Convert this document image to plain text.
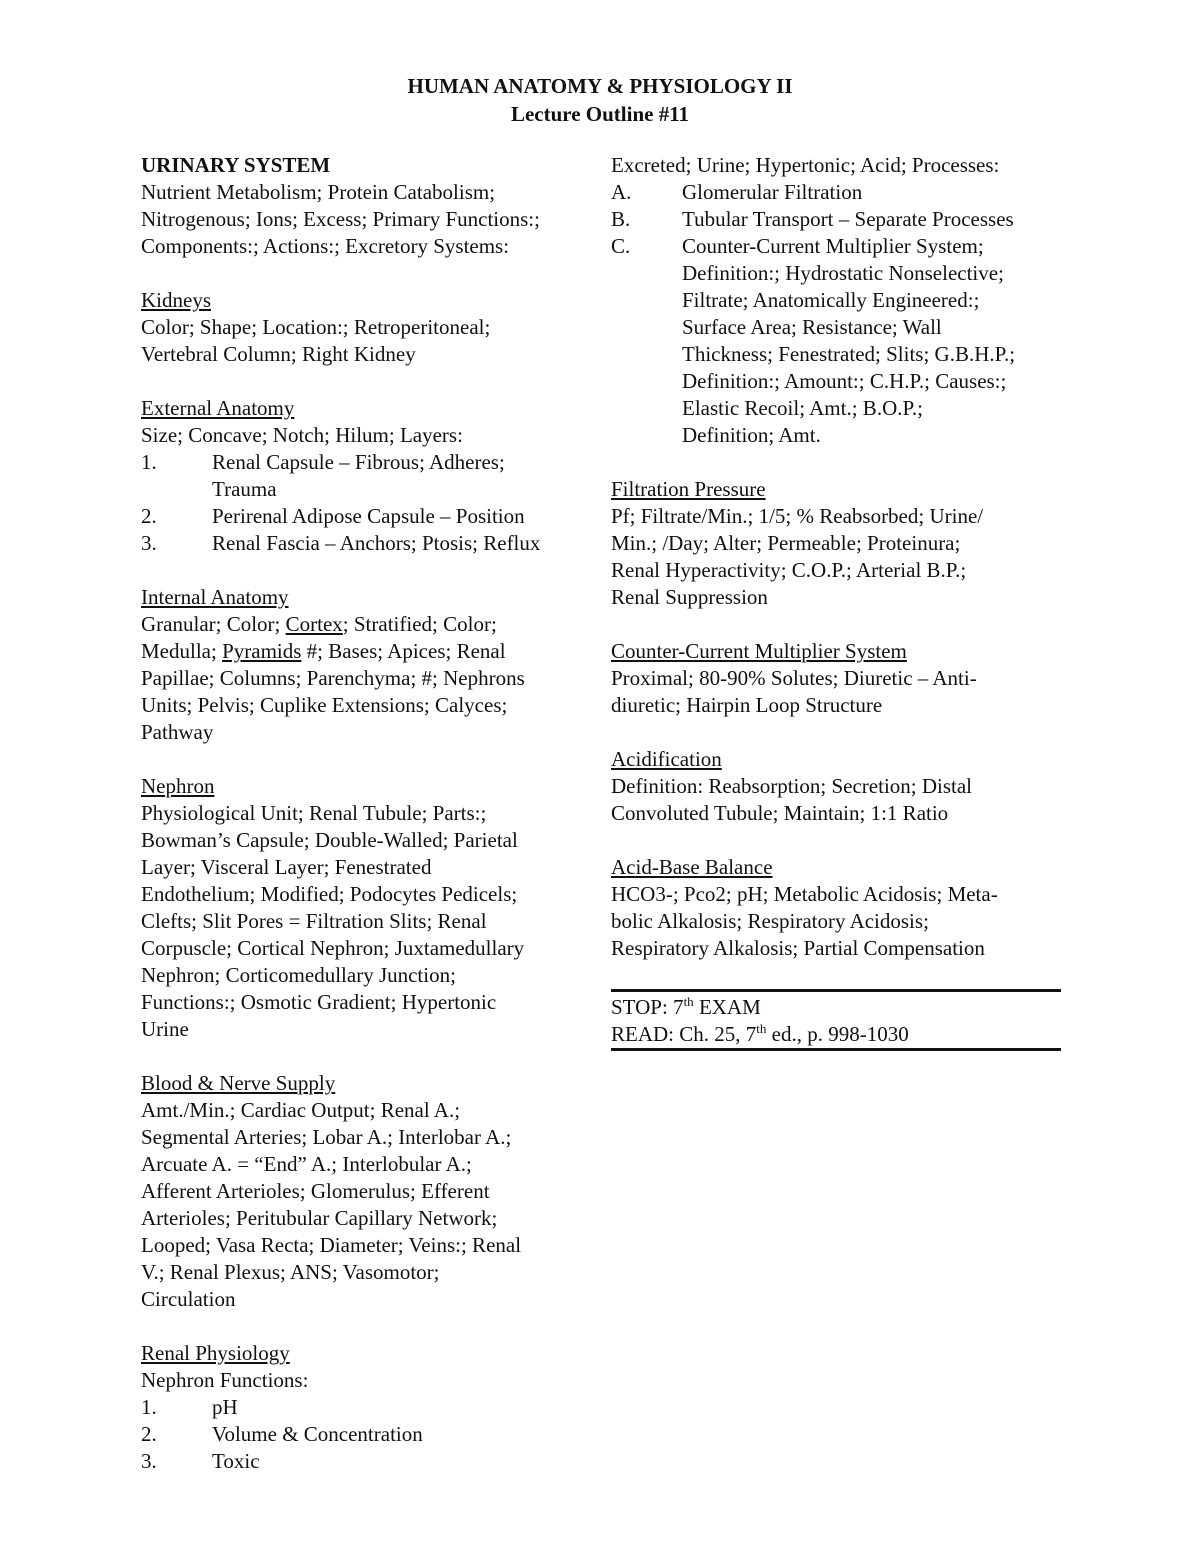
HUMAN ANATOMY & PHYSIOLOGY II
Lecture Outline #11
URINARY SYSTEM
Nutrient Metabolism; Protein Catabolism;
Nitrogenous; Ions; Excess; Primary Functions:;
Components:; Actions:; Excretory Systems:
Kidneys
Color; Shape; Location:; Retroperitoneal;
Vertebral Column; Right Kidney
External Anatomy
Size; Concave; Notch; Hilum; Layers:
1.	Renal Capsule – Fibrous; Adheres;
Trauma
2.	Perirenal Adipose Capsule – Position
3.	Renal Fascia – Anchors; Ptosis; Reflux
Internal Anatomy
Granular; Color; Cortex; Stratified; Color;
Medulla; Pyramids #; Bases; Apices; Renal
Papillae; Columns; Parenchyma; #; Nephrons
Units; Pelvis; Cuplike Extensions; Calyces;
Pathway
Nephron
Physiological Unit; Renal Tubule; Parts:;
Bowman’s Capsule; Double-Walled; Parietal
Layer; Visceral Layer; Fenestrated
Endothelium; Modified; Podocytes Pedicels;
Clefts; Slit Pores = Filtration Slits; Renal
Corpuscle; Cortical Nephron; Juxtamedullary
Nephron; Corticomedullary Junction;
Functions:; Osmotic Gradient; Hypertonic
Urine
Blood & Nerve Supply
Amt./Min.; Cardiac Output; Renal A.;
Segmental Arteries; Lobar A.; Interlobar A.;
Arcuate A. = “End” A.; Interlobular A.;
Afferent Arterioles; Glomerulus; Efferent
Arterioles; Peritubular Capillary Network;
Looped; Vasa Recta; Diameter; Veins:; Renal
V.; Renal Plexus; ANS; Vasomotor;
Circulation
Renal Physiology
Nephron Functions:
1.	pH
2.	Volume & Concentration
3.	Toxic
Excreted; Urine; Hypertonic; Acid; Processes:
A.	Glomerular Filtration
B.	Tubular Transport – Separate Processes
C.	Counter-Current Multiplier System;
Definition:; Hydrostatic Nonselective;
Filtrate; Anatomically Engineered:;
Surface Area; Resistance; Wall
Thickness; Fenestrated; Slits; G.B.H.P.;
Definition:; Amount:; C.H.P.; Causes:;
Elastic Recoil; Amt.; B.O.P.;
Definition; Amt.
Filtration Pressure
Pf; Filtrate/Min.; 1/5; % Reabsorbed; Urine/
Min.; /Day; Alter; Permeable; Proteinura;
Renal Hyperactivity; C.O.P.; Arterial B.P.;
Renal Suppression
Counter-Current Multiplier System
Proximal; 80-90% Solutes; Diuretic – Anti-
diuretic; Hairpin Loop Structure
Acidification
Definition: Reabsorption; Secretion; Distal
Convoluted Tubule; Maintain; 1:1 Ratio
Acid-Base Balance
HCO3-; Pco2; pH; Metabolic Acidosis; Meta-
bolic Alkalosis; Respiratory Acidosis;
Respiratory Alkalosis; Partial Compensation
STOP: 7th EXAM
READ: Ch. 25, 7th ed., p. 998-1030
